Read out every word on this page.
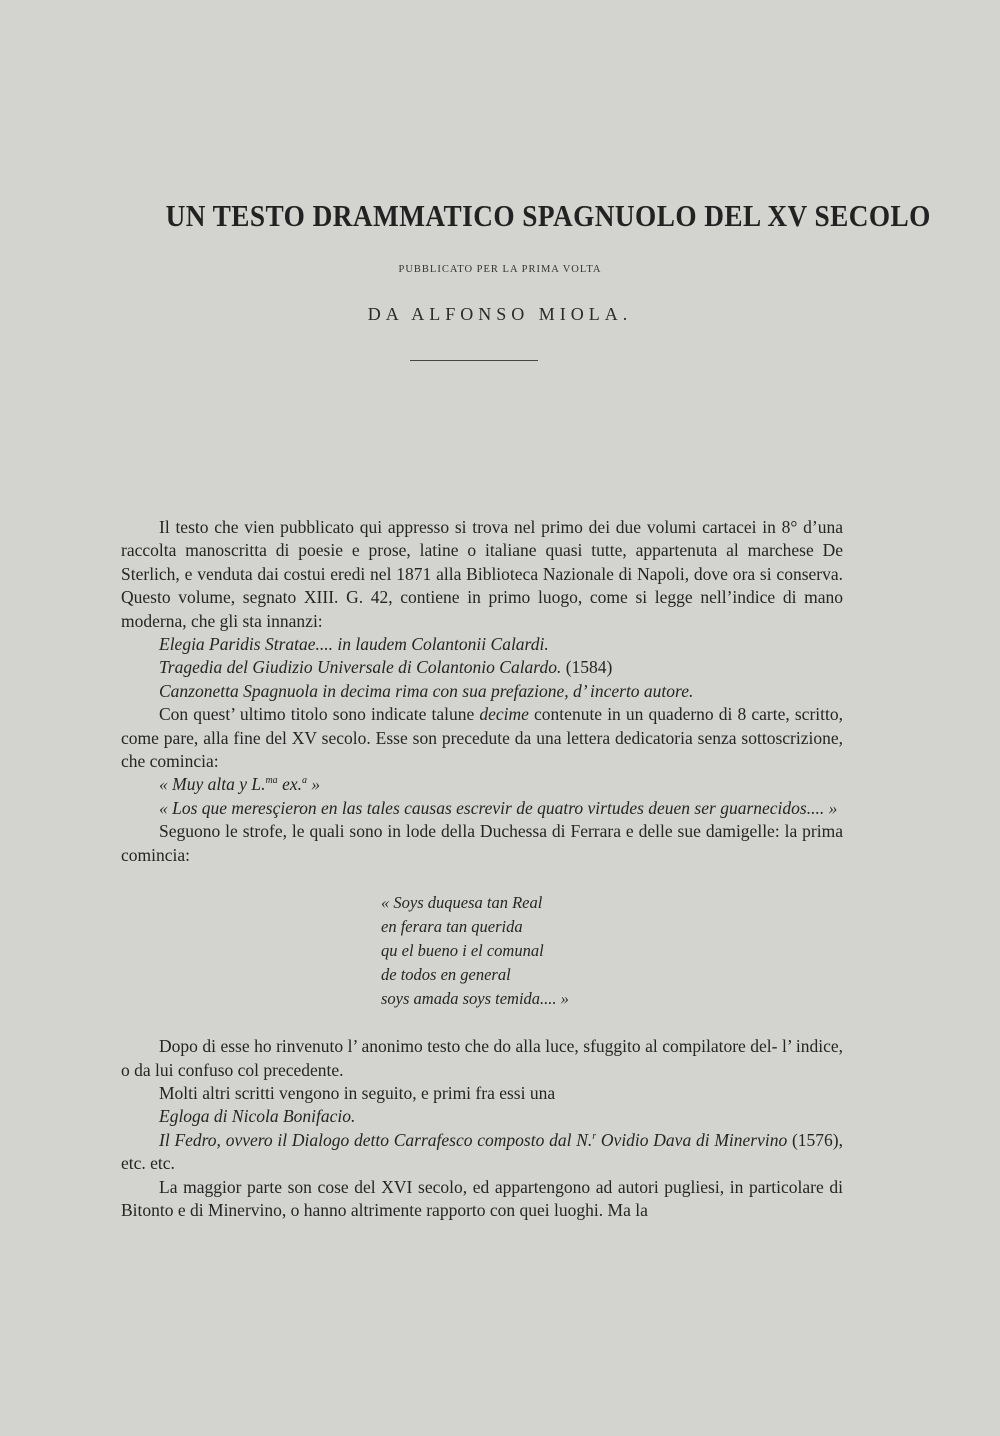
UN TESTO DRAMMATICO SPAGNUOLO DEL XV SECOLO
PUBBLICATO PER LA PRIMA VOLTA
DA ALFONSO MIOLA.

Il testo che vien pubblicato qui appresso si trova nel primo dei due volumi cartacei in 8° d’una raccolta manoscritta di poesie e prose, latine o italiane quasi tutte, appartenuta al marchese De Sterlich, e venduta dai costui eredi nel 1871 alla Biblioteca Nazionale di Napoli, dove ora si conserva. Questo volume, segnato XIII. G. 42, contiene in primo luogo, come si legge nell’indice di mano moderna, che gli sta innanzi:

Elegia Paridis Stratae.... in laudem Colantonii Calardi.

Tragedia del Giudizio Universale di Colantonio Calardo. (1584)

Canzonetta Spagnuola in decima rima con sua prefazione, d’ incerto autore.

Con quest’ ultimo titolo sono indicate talune decime contenute in un quaderno di 8 carte, scritto, come pare, alla fine del XV secolo. Esse son precedute da una lettera dedicatoria senza sottoscrizione, che comincia:

« Muy alta y L.$^{ma}$ ex.$^a$ »

« Los que meresçieron en las tales causas escrevir de quatro virtudes deuen ser guarnecidos.... »

Seguono le strofe, le quali sono in lode della Duchessa di Ferrara e delle sue damigelle: la prima comincia:

« Soys duquesa tan Real
en ferara tan querida
qu el bueno i el comunal
de todos en general
soys amada soys temida.... »

Dopo di esse ho rinvenuto l’ anonimo testo che do alla luce, sfuggito al compilatore del- l’ indice, o da lui confuso col precedente.

Molti altri scritti vengono in seguito, e primi fra essi una

Egloga di Nicola Bonifacio.

Il Fedro, ovvero il Dialogo detto Carrafesco composto dal N.$^r$ Ovidio Dava di Minervino (1576), etc. etc.

La maggior parte son cose del XVI secolo, ed appartengono ad autori pugliesi, in particolare di Bitonto e di Minervino, o hanno altrimente rapporto con quei luoghi. Ma la
